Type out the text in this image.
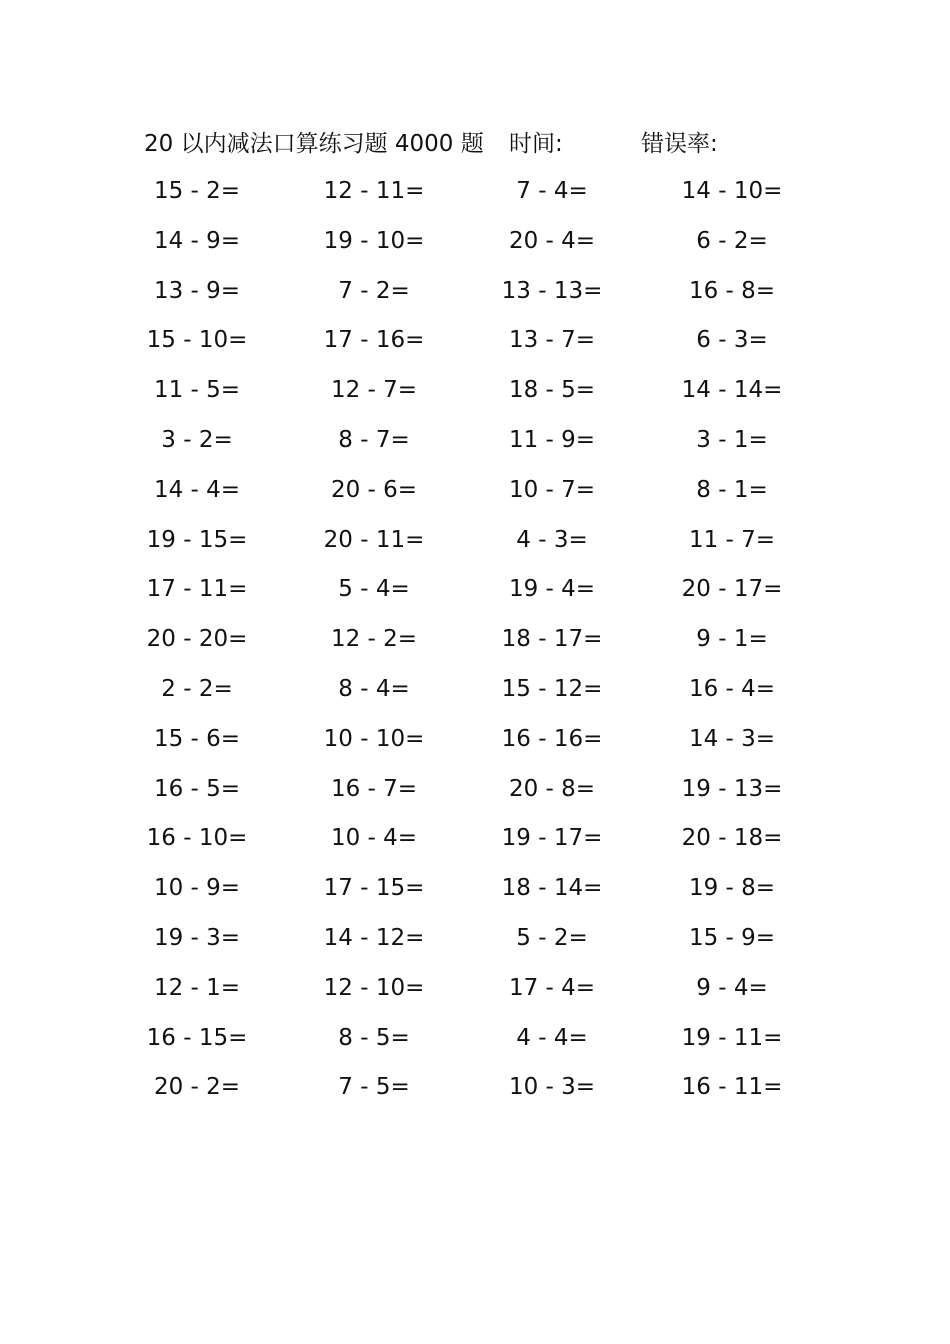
20 以内减法口算练习题 4000 题 时间:	错误率:
15 - 2=	12 - 11=	7 - 4=	14 - 10=
14 - 9=	19 - 10=	20 - 4=	6 - 2=
13 - 9=	7 - 2=	13 - 13=	16 - 8=
15 - 10=	17 - 16=	13 - 7=	6 - 3=
11 - 5=	12 - 7=	18 - 5=	14 - 14=
3 - 2=	8 - 7=	11 - 9=	3 - 1=
14 - 4=	20 - 6=	10 - 7=	8 - 1=
19 - 15=	20 - 11=	4 - 3=	11 - 7=
17 - 11=	5 - 4=	19 - 4=	20 - 17=
20 - 20=	12 - 2=	18 - 17=	9 - 1=
2 - 2=	8 - 4=	15 - 12=	16 - 4=
15 - 6=	10 - 10=	16 - 16=	14 - 3=
16 - 5=	16 - 7=	20 - 8=	19 - 13=
16 - 10=	10 - 4=	19 - 17=	20 - 18=
10 - 9=	17 - 15=	18 - 14=	19 - 8=
19 - 3=	14 - 12=	5 - 2=	15 - 9=
12 - 1=	12 - 10=	17 - 4=	9 - 4=
16 - 15=	8 - 5=	4 - 4=	19 - 11=
20 - 2=	7 - 5=	10 - 3=	16 - 11=
